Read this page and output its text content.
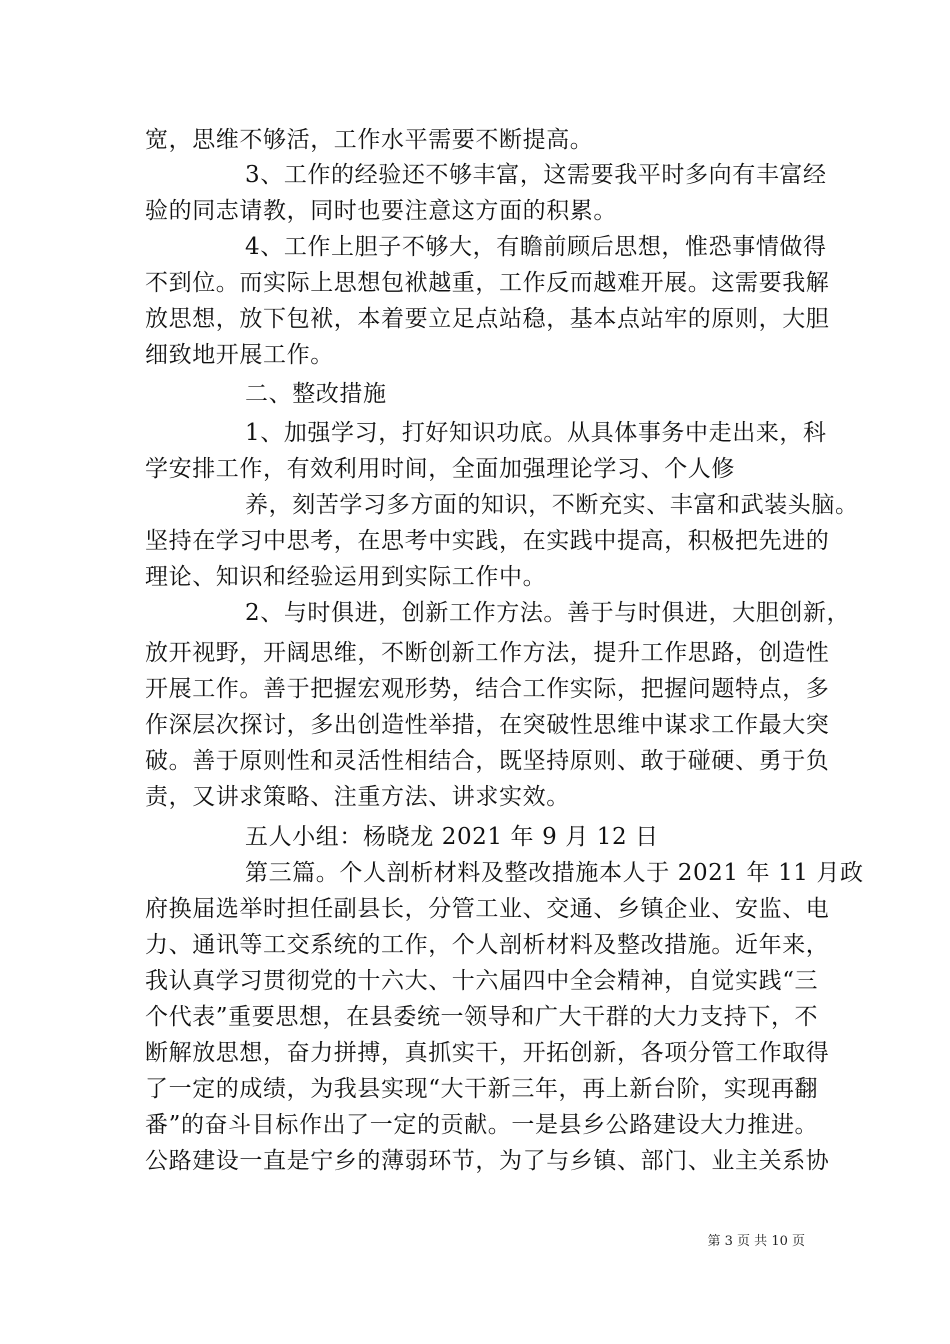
宽，思维不够活，工作水平需要不断提高。
3、工作的经验还不够丰富，这需要我平时多向有丰富经
验的同志请教，同时也要注意这方面的积累。
4、工作上胆子不够大，有瞻前顾后思想，惟恐事情做得
不到位。而实际上思想包袱越重，工作反而越难开展。这需要我解
放思想，放下包袱，本着要立足点站稳，基本点站牢的原则，大胆
细致地开展工作。
二、整改措施
1、加强学习，打好知识功底。从具体事务中走出来，科
学安排工作，有效利用时间，全面加强理论学习、个人修
养，刻苦学习多方面的知识，不断充实、丰富和武装头脑。
坚持在学习中思考，在思考中实践，在实践中提高，积极把先进的
理论、知识和经验运用到实际工作中。
2、与时俱进，创新工作方法。善于与时俱进，大胆创新，
放开视野，开阔思维，不断创新工作方法，提升工作思路，创造性
开展工作。善于把握宏观形势，结合工作实际，把握问题特点，多
作深层次探讨，多出创造性举措，在突破性思维中谋求工作最大突
破。善于原则性和灵活性相结合，既坚持原则、敢于碰硬、勇于负
责，又讲求策略、注重方法、讲求实效。
五人小组：杨晓龙 2021 年 9 月 12 日
第三篇。个人剖析材料及整改措施本人于 2021 年 11 月政
府换届选举时担任副县长，分管工业、交通、乡镇企业、安监、电
力、通讯等工交系统的工作，个人剖析材料及整改措施。近年来，
我认真学习贯彻党的十六大、十六届四中全会精神，自觉实践“三
个代表”重要思想，在县委统一领导和广大干群的大力支持下，不
断解放思想，奋力拼搏，真抓实干，开拓创新，各项分管工作取得
了一定的成绩，为我县实现“大干新三年，再上新台阶，实现再翻
番”的奋斗目标作出了一定的贡献。一是县乡公路建设大力推进。
公路建设一直是宁乡的薄弱环节，为了与乡镇、部门、业主关系协
第 3 页 共 10 页
